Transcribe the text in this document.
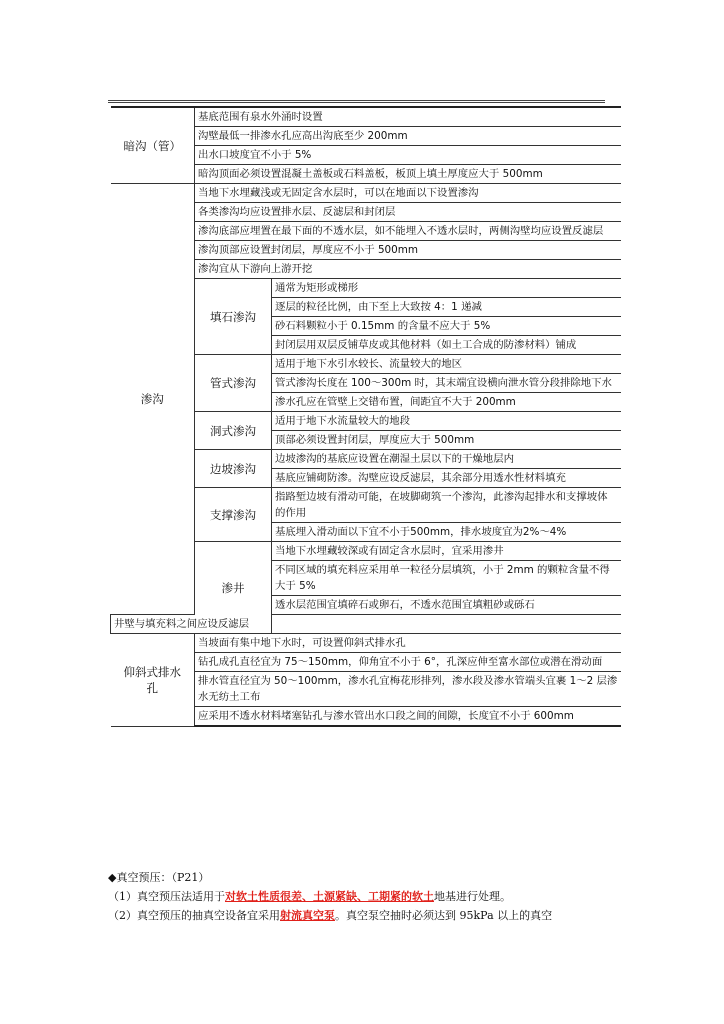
暗沟（管）	基底范围有泉水外涌时设置	
	沟壁最低一排渗水孔应高出沟底至少 200mm	
	出水口坡度宜不小于 5%	
	暗沟顶面必须设置混凝土盖板或石料盖板，板顶上填土厚度应大于 500mm	
渗沟	当地下水埋藏浅或无固定含水层时，可以在地面以下设置渗沟	
	各类渗沟均应设置排水层、反滤层和封闭层	
	渗沟底部应埋置在最下面的不透水层，如不能埋入不透水层时，两侧沟壁均应设置反滤层	
	渗沟顶部应设置封闭层，厚度应不小于 500mm	
	渗沟宜从下游向上游开挖	
	填石渗沟	通常为矩形或梯形
		逐层的粒径比例，由下至上大致按 4：1 递减
		砂石料颗粒小于 0.15mm 的含量不应大于 5%
		封闭层用双层反铺草皮或其他材料（如土工合成的防渗材料）铺成
	管式渗沟	适用于地下水引水较长、流量较大的地区
		管式渗沟长度在 100～300m 时，其末端宜设横向泄水管分段排除地下水
		渗水孔应在管壁上交错布置，间距宜不大于 200mm
	洞式渗沟	适用于地下水流量较大的地段
		顶部必须设置封闭层，厚度应大于 500mm
	边坡渗沟	边坡渗沟的基底应设置在潮湿土层以下的干燥地层内
		基底应铺砌防渗。沟壁应设反滤层，其余部分用透水性材料填充
	支撑渗沟	指路堑边坡有滑动可能，在坡脚砌筑一个渗沟，此渗沟起排水和支撑坡体的作用
		基底埋入滑动面以下宜不小于500mm，排水坡度宜为2%～4%
	渗井	当地下水埋藏较深或有固定含水层时，宜采用渗井
		不同区域的填充料应采用单一粒径分层填筑，小于 2mm 的颗粒含量不得大于 5%
		透水层范围宜填碎石或卵石，不透水范围宜填粗砂或砾石
井壁与填充料之间应设反滤层		
仰斜式排水孔	当坡面有集中地下水时，可设置仰斜式排水孔	
	钻孔成孔直径宜为 75～150mm，仰角宜不小于 6°，孔深应伸至富水部位或潜在滑动面	
	排水管直径宜为 50～100mm，渗水孔宜梅花形排列，渗水段及渗水管端头宜裹 1～2 层渗水无纺土工布	
	应采用不透水材料堵塞钻孔与渗水管出水口段之间的间隙，长度宜不小于 600mm	

◆真空预压：（P21）

（1）真空预压法适用于对软土性质很差、土源紧缺、工期紧的软土地基进行处理。

（2）真空预压的抽真空设备宜采用射流真空泵。真空泵空抽时必须达到 95kPa 以上的真空
